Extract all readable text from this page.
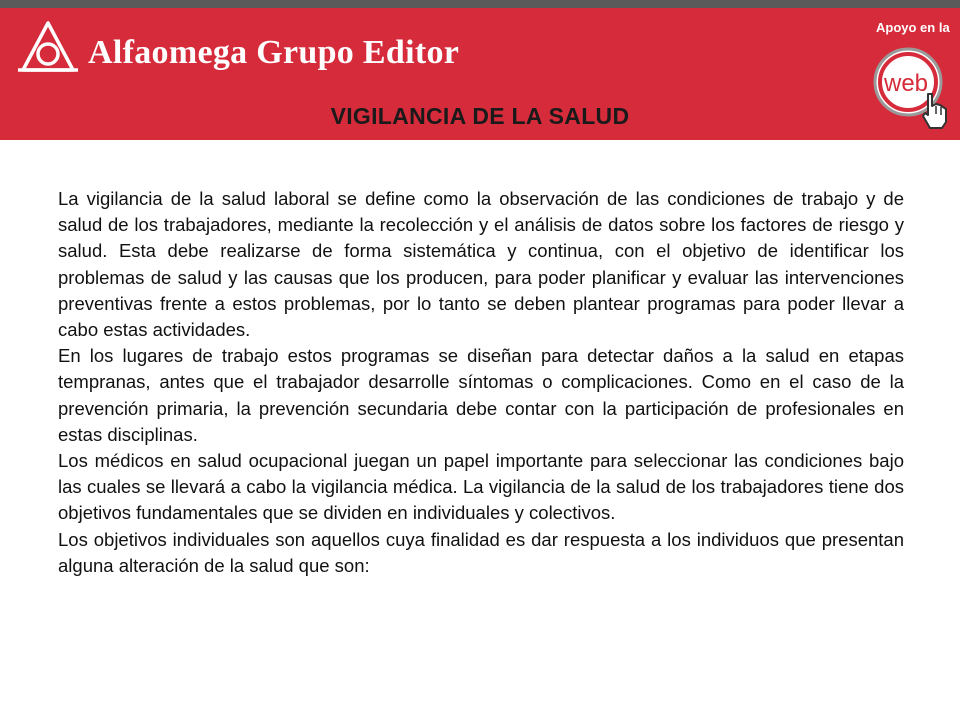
Alfaomega Grupo Editor
Apoyo en la
web
VIGILANCIA DE LA SALUD

La vigilancia de la salud laboral se define como la observación de las condiciones de trabajo y de salud de los trabajadores, mediante la recolección y el análisis de datos sobre los factores de riesgo y salud. Esta debe realizarse de forma sistemática y continua, con el objetivo de identificar los problemas de salud y las causas que los producen, para poder planificar y evaluar las intervenciones preventivas frente a estos problemas, por lo tanto se deben plantear programas para poder llevar a cabo estas actividades.

En los lugares de trabajo estos programas se diseñan para detectar daños a la salud en etapas tempranas, antes que el trabajador desarrolle síntomas o complicaciones. Como en el caso de la prevención primaria, la prevención secundaria debe contar con la participación de profesionales en estas disciplinas.

Los médicos en salud ocupacional juegan un papel importante para seleccionar las condiciones bajo las cuales se llevará a cabo la vigilancia médica. La vigilancia de la salud de los trabajadores tiene dos objetivos fundamentales que se dividen en individuales y colectivos.

Los objetivos individuales son aquellos cuya finalidad es dar respuesta a los individuos que presentan alguna alteración de la salud que son:
